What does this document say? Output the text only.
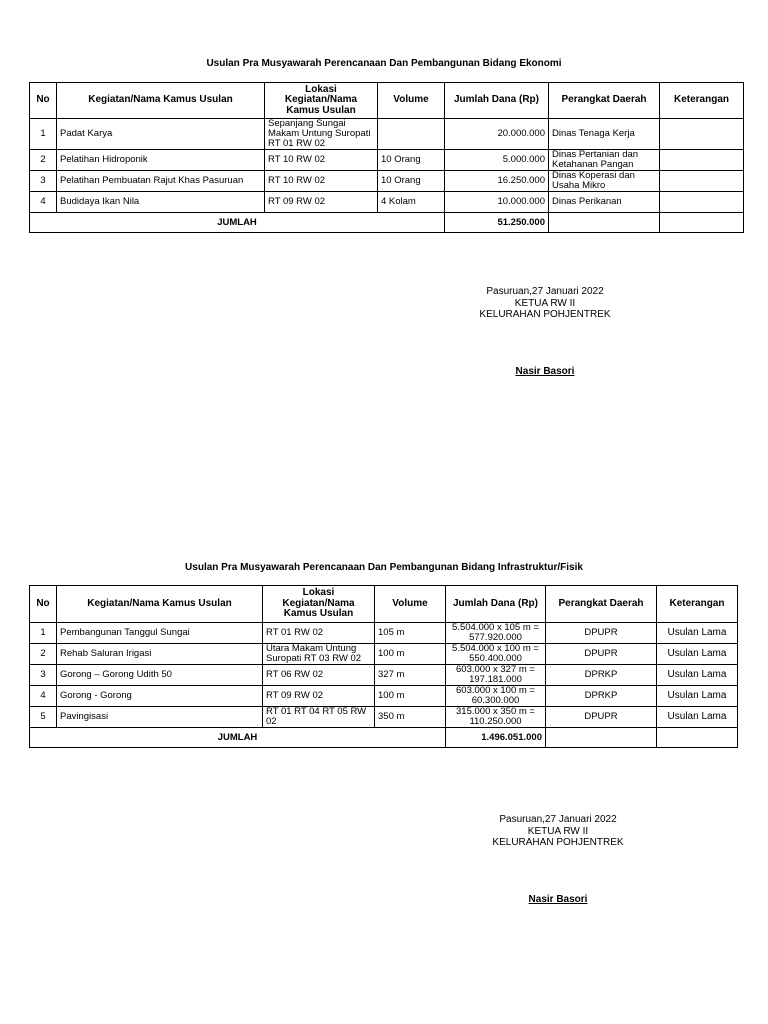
Usulan Pra Musyawarah Perencanaan Dan Pembangunan Bidang Ekonomi
No	Kegiatan/Nama Kamus Usulan	Lokasi Kegiatan/Nama Kamus Usulan	Volume	Jumlah Dana (Rp)	Perangkat Daerah	Keterangan
1	Padat Karya	Sepanjang Sungai Makam Untung Suropati RT 01 RW 02		20.000.000	Dinas Tenaga Kerja	
2	Pelatihan Hidroponik	RT 10 RW 02	10 Orang	5.000.000	Dinas Pertanian dan Ketahanan Pangan	
3	Pelatihan Pembuatan Rajut Khas Pasuruan	RT 10 RW 02	10 Orang	16.250.000	Dinas Koperasi dan Usaha Mikro	
4	Budidaya Ikan Nila	RT 09 RW 02	4 Kolam	10.000.000	Dinas Perikanan	
JUMLAH				51.250.000		
Pasuruan,27 Januari 2022
KETUA RW II
KELURAHAN POHJENTREK
Nasir Basori
Usulan Pra Musyawarah Perencanaan Dan Pembangunan Bidang Infrastruktur/Fisik
No	Kegiatan/Nama Kamus Usulan	Lokasi Kegiatan/Nama Kamus Usulan	Volume	Jumlah Dana (Rp)	Perangkat Daerah	Keterangan
1	Pembangunan Tanggul Sungai	RT 01 RW 02	105 m	5.504.000 x 105 m = 577.920.000	DPUPR	Usulan Lama
2	Rehab Saluran Irigasi	Utara Makam Untung Suropati RT 03 RW 02	100 m	5.504.000 x 100 m = 550.400.000	DPUPR	Usulan Lama
3	Gorong – Gorong Udith 50	RT 06 RW 02	327 m	603.000 x 327 m = 197.181.000	DPRKP	Usulan Lama
4	Gorong - Gorong	RT 09 RW 02	100 m	603.000 x 100 m = 60.300.000	DPRKP	Usulan Lama
5	Pavingisasi	RT 01 RT 04 RT 05 RW 02	350 m	315.000 x 350 m = 110.250.000	DPUPR	Usulan Lama
JUMLAH				1.496.051.000		
Pasuruan,27 Januari 2022
KETUA RW II
KELURAHAN POHJENTREK
Nasir Basori
